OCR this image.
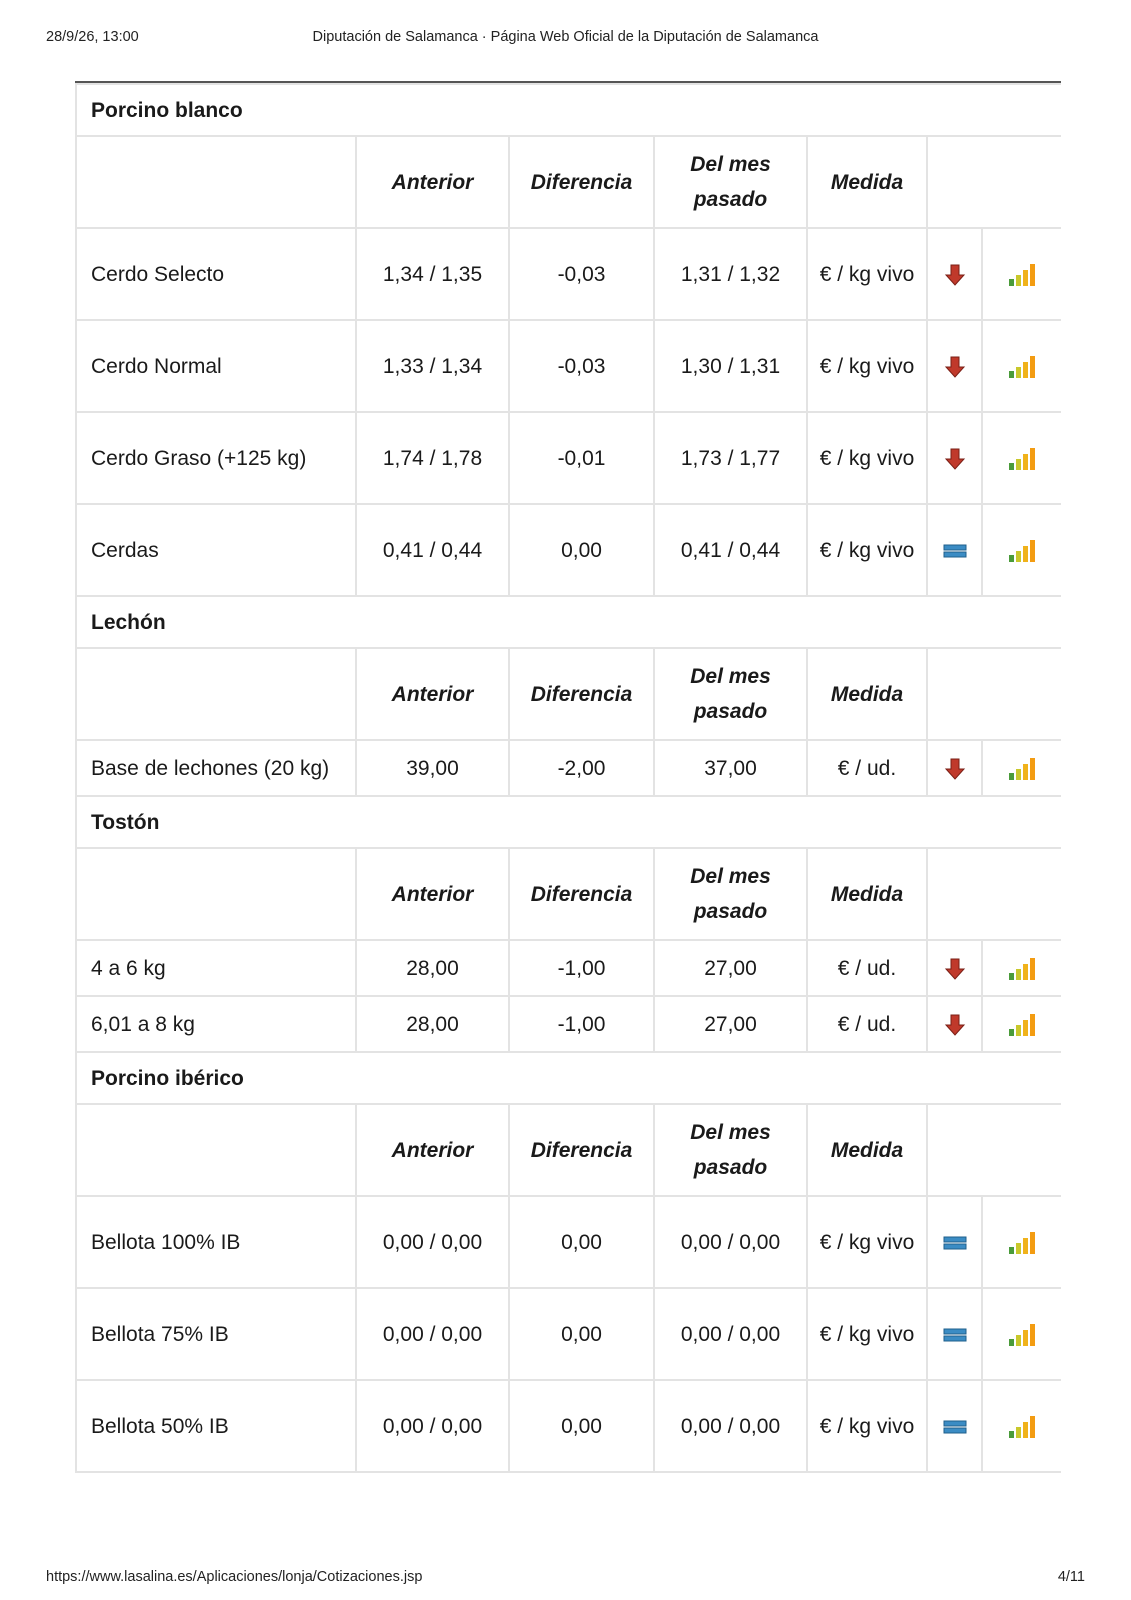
28/9/26, 13:00	Diputación de Salamanca · Página Web Oficial de la Diputación de Salamanca
Porcino blanco						
	Anterior	Diferencia	Del mes pasado	Medida		
Cerdo Selecto	1,34 / 1,35	-0,03	1,31 / 1,32	€ / kg vivo		
Cerdo Normal	1,33 / 1,34	-0,03	1,30 / 1,31	€ / kg vivo		
Cerdo Graso (+125 kg)	1,74 / 1,78	-0,01	1,73 / 1,77	€ / kg vivo		
Cerdas	0,41 / 0,44	0,00	0,41 / 0,44	€ / kg vivo		
Lechón						
	Anterior	Diferencia	Del mes pasado	Medida		
Base de lechones (20 kg)	39,00	-2,00	37,00	€ / ud.		
Tostón						
	Anterior	Diferencia	Del mes pasado	Medida		
4 a 6 kg	28,00	-1,00	27,00	€ / ud.		
6,01 a 8 kg	28,00	-1,00	27,00	€ / ud.		
Porcino ibérico						
	Anterior	Diferencia	Del mes pasado	Medida		
Bellota 100% IB	0,00 / 0,00	0,00	0,00 / 0,00	€ / kg vivo		
Bellota 75% IB	0,00 / 0,00	0,00	0,00 / 0,00	€ / kg vivo		
Bellota 50% IB	0,00 / 0,00	0,00	0,00 / 0,00	€ / kg vivo		
https://www.lasalina.es/Aplicaciones/lonja/Cotizaciones.jsp	4/11
